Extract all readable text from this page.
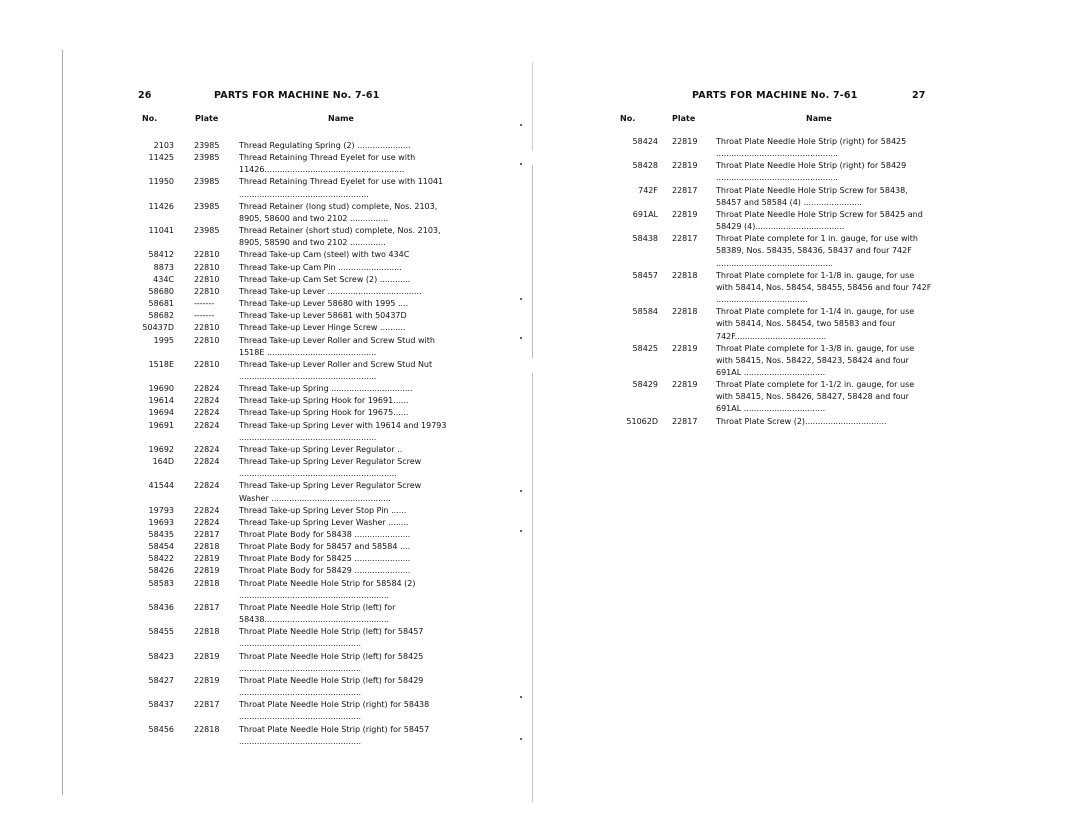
26	PARTS FOR MACHINE No. 7-61
No.	Plate	Name
2103	23985 Thread Regulating Spring (2) .....................
11425	23985 Thread Retaining Thread Eyelet for use with 11426.......................................................
11950	23985 Thread Retaining Thread Eyelet for use with 11041 ...................................................
11426	23985 Thread Retainer (long stud) complete, Nos. 2103, 8905, 58600 and two 2102 ...............
11041	23985 Thread Retainer (short stud) complete, Nos. 2103, 8905, 58590 and two 2102 ..............
58412	22810 Thread Take-up Cam (steel) with two 434C
8873	22810 Thread Take-up Cam Pin .........................
434C	22810 Thread Take-up Cam Set Screw (2) ............
58680	22810 Thread Take-up Lever .....................................
58681	-------	Thread Take-up Lever 58680 with 1995 ....
58682	-------	Thread Take-up Lever 58681 with 50437D
50437D	22810 Thread Take-up Lever Hinge Screw ..........
1995	22810 Thread Take-up Lever Roller and Screw Stud with 1518E ...........................................
1518E	22810 Thread Take-up Lever Roller and Screw Stud Nut ......................................................
19690	22824 Thread Take-up Spring ................................
19614	22824 Thread Take-up Spring Hook for 19691......
19694	22824 Thread Take-up Spring Hook for 19675......
19691	22824 Thread Take-up Spring Lever with 19614 and 19793 ......................................................
19692	22824 Thread Take-up Spring Lever Regulator ..
164D	22824 Thread Take-up Spring Lever Regulator Screw ..............................................................
41544	22824 Thread Take-up Spring Lever Regulator Screw Washer ...............................................
19793	22824 Thread Take-up Spring Lever Stop Pin ......
19693	22824 Thread Take-up Spring Lever Washer ........
58435	22817 Throat Plate Body for 58438 ......................
58454	22818 Throat Plate Body for 58457 and 58584 ....
58422	22819 Throat Plate Body for 58425 ......................
58426	22819 Throat Plate Body for 58429 ......................
58583	22818 Throat Plate Needle Hole Strip for 58584 (2) ...........................................................
58436	22817 Throat Plate Needle Hole Strip (left) for 58438.................................................
58455	22818 Throat Plate Needle Hole Strip (left) for 58457 ................................................
58423	22819 Throat Plate Needle Hole Strip (left) for 58425 ................................................
58427	22819 Throat Plate Needle Hole Strip (left) for 58429 ................................................
58437	22817 Throat Plate Needle Hole Strip (right) for 58438 ................................................
58456	22818 Throat Plate Needle Hole Strip (right) for 58457 ................................................
PARTS FOR MACHINE No. 7-61	27
No.	Plate	Name
58424 22819 Throat Plate Needle Hole Strip (right) for 58425 ................................................
58428 22819 Throat Plate Needle Hole Strip (right) for 58429 ................................................
742F 22817 Throat Plate Needle Hole Strip Screw for 58438, 58457 and 58584 (4) .......................
691AL 22819 Throat Plate Needle Hole Strip Screw for 58425 and 58429 (4)...................................
58438 22817 Throat Plate complete for 1 in. gauge, for use with 58389, Nos. 58435, 58436, 58437 and four 742F ..............................................
58457 22818 Throat Plate complete for 1-1/8 in. gauge, for use with 58414, Nos. 58454, 58455, 58456 and four 742F ....................................
58584 22818 Throat Plate complete for 1-1/4 in. gauge, for use with 58414, Nos. 58454, two 58583 and four 742F....................................
58425 22819 Throat Plate complete for 1-3/8 in. gauge, for use with 58415, Nos. 58422, 58423, 58424 and four 691AL ................................
58429 22819 Throat Plate complete for 1-1/2 in. gauge, for use with 58415, Nos. 58426, 58427, 58428 and four 691AL ................................
51062D 22817 Throat Plate Screw (2)................................
